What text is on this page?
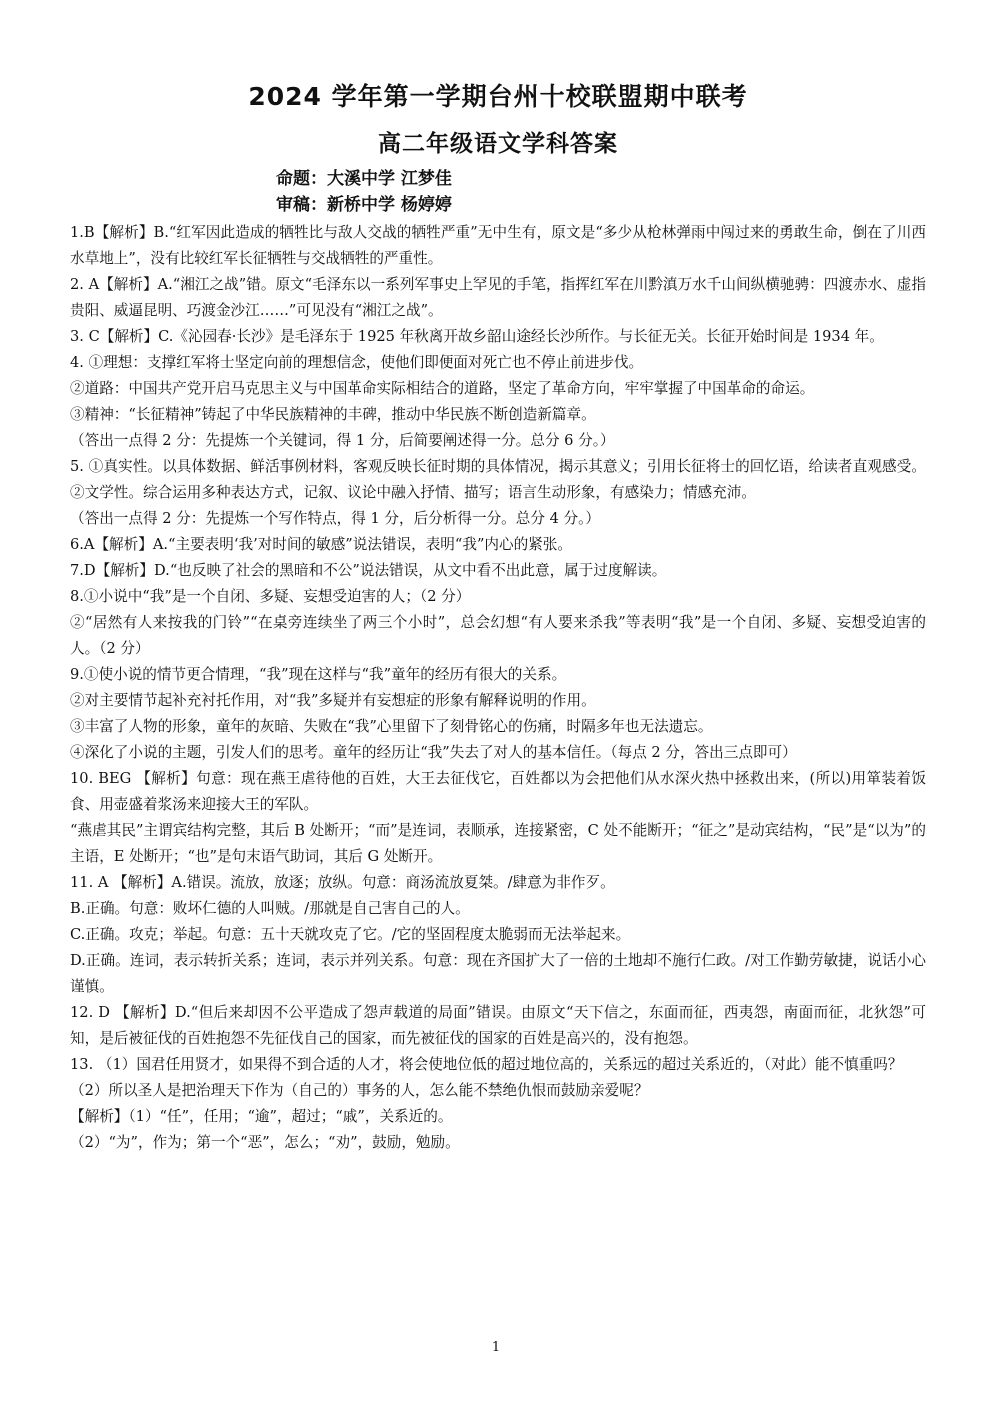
2024 学年第一学期台州十校联盟期中联考
高二年级语文学科答案
命题：大溪中学 江梦佳
审稿：新桥中学 杨婷婷

1.B【解析】B.“红军因此造成的牺牲比与敌人交战的牺牲严重”无中生有，原文是“多少从枪林弹雨中闯过来的勇敢生命，倒在了川西水草地上”，没有比较红军长征牺牲与交战牺牲的严重性。

2. A【解析】A.“湘江之战”错。原文“毛泽东以一系列军事史上罕见的手笔，指挥红军在川黔滇万水千山间纵横驰骋：四渡赤水、虚指贵阳、威逼昆明、巧渡金沙江……”可见没有“湘江之战”。

3. C【解析】C.《沁园春·长沙》是毛泽东于 1925 年秋离开故乡韶山途经长沙所作。与长征无关。长征开始时间是 1934 年。

4. ①理想：支撑红军将士坚定向前的理想信念，使他们即便面对死亡也不停止前进步伐。

②道路：中国共产党开启马克思主义与中国革命实际相结合的道路，坚定了革命方向，牢牢掌握了中国革命的命运。

③精神：“长征精神”铸起了中华民族精神的丰碑，推动中华民族不断创造新篇章。

（答出一点得 2 分：先提炼一个关键词，得 1 分，后简要阐述得一分。总分 6 分。）

5. ①真实性。以具体数据、鲜活事例材料，客观反映长征时期的具体情况，揭示其意义；引用长征将士的回忆语，给读者直观感受。②文学性。综合运用多种表达方式，记叙、议论中融入抒情、描写；语言生动形象，有感染力；情感充沛。

（答出一点得 2 分：先提炼一个写作特点，得 1 分，后分析得一分。总分 4 分。）

6.A【解析】A.“主要表明‘我’对时间的敏感”说法错误，表明“我”内心的紧张。

7.D【解析】D.“也反映了社会的黑暗和不公”说法错误，从文中看不出此意，属于过度解读。

8.①小说中“我”是一个自闭、多疑、妄想受迫害的人；（2 分）

②“居然有人来按我的门铃”“在桌旁连续坐了两三个小时”，总会幻想“有人要来杀我”等表明“我”是一个自闭、多疑、妄想受迫害的人。（2 分）

9.①使小说的情节更合情理，“我”现在这样与“我”童年的经历有很大的关系。

②对主要情节起补充衬托作用，对“我”多疑并有妄想症的形象有解释说明的作用。

③丰富了人物的形象，童年的灰暗、失败在“我”心里留下了刻骨铭心的伤痛，时隔多年也无法遗忘。

④深化了小说的主题，引发人们的思考。童年的经历让“我”失去了对人的基本信任。（每点 2 分，答出三点即可）

10. BEG 【解析】句意：现在燕王虐待他的百姓，大王去征伐它，百姓都以为会把他们从水深火热中拯救出来，(所以)用箪装着饭食、用壶盛着浆汤来迎接大王的军队。

“燕虐其民”主谓宾结构完整，其后 B 处断开；“而”是连词，表顺承，连接紧密，C 处不能断开；“征之”是动宾结构，“民”是“以为”的主语，E 处断开；“也”是句末语气助词，其后 G 处断开。

11. A 【解析】A.错误。流放，放逐；放纵。句意：商汤流放夏桀。/肆意为非作歹。

B.正确。句意：败坏仁德的人叫贼。/那就是自己害自己的人。

C.正确。攻克；举起。句意：五十天就攻克了它。/它的坚固程度太脆弱而无法举起来。

D.正确。连词，表示转折关系；连词，表示并列关系。句意：现在齐国扩大了一倍的土地却不施行仁政。/对工作勤劳敏捷，说话小心谨慎。

12. D 【解析】D.“但后来却因不公平造成了怨声载道的局面”错误。由原文“天下信之，东面而征，西夷怨，南面而征，北狄怨”可知，是后被征伐的百姓抱怨不先征伐自己的国家，而先被征伐的国家的百姓是高兴的，没有抱怨。

13. （1）国君任用贤才，如果得不到合适的人才，将会使地位低的超过地位高的，关系远的超过关系近的，（对此）能不慎重吗？

（2）所以圣人是把治理天下作为（自己的）事务的人，怎么能不禁绝仇恨而鼓励亲爱呢？

【解析】（1）“任”，任用；“逾”，超过；“戚”，关系近的。

（2）“为”，作为；第一个“恶”，怎么；“劝”，鼓励，勉励。

1
